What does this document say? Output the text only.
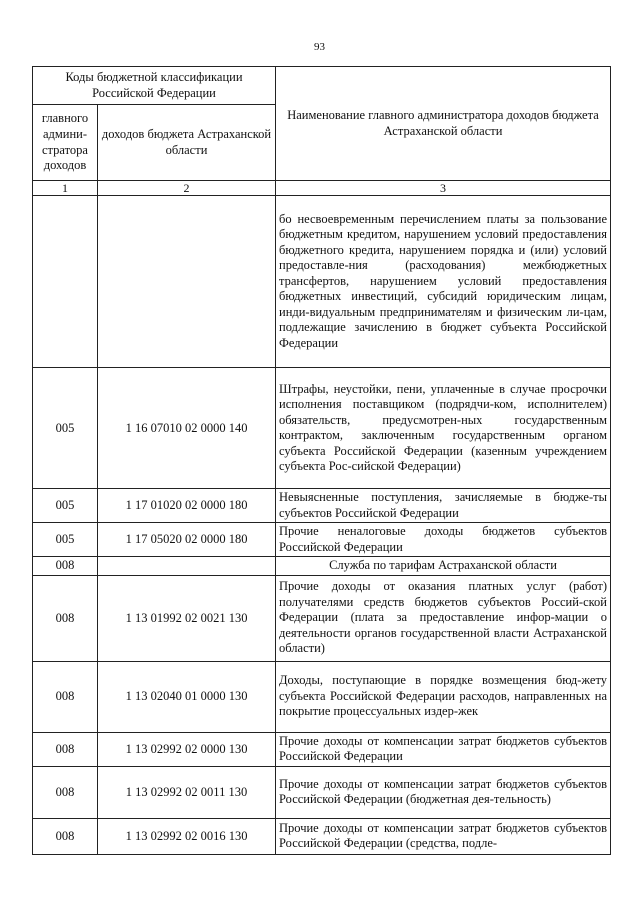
93
Коды бюджетной классификации Российской Федерации		Наименование главного администратора доходов бюджета Астраханской области
главного админи-стратора доходов	доходов бюджета Астраханской области	
1	2	3
		бо несвоевременным перечислением платы за пользование бюджетным кредитом, нарушением условий предоставления бюджетного кредита, нарушением порядка и (или) условий предоставле-ния (расходования) межбюджетных трансфертов, нарушением условий предоставления бюджетных инвестиций, субсидий юридическим лицам, инди-видуальным предпринимателям и физическим ли-цам, подлежащие зачислению в бюджет субъекта Российской Федерации
005	1 16 07010 02 0000 140	Штрафы, неустойки, пени, уплаченные в случае просрочки исполнения поставщиком (подрядчи-ком, исполнителем) обязательств, предусмотрен-ных государственным контрактом, заключенным государственным органом субъекта Российской Федерации (казенным учреждением субъекта Рос-сийской Федерации)
005	1 17 01020 02 0000 180	Невыясненные поступления, зачисляемые в бюдже-ты субъектов Российской Федерации
005	1 17 05020 02 0000 180	Прочие неналоговые доходы бюджетов субъектов Российской Федерации
008		Служба по тарифам Астраханской области
008	1 13 01992 02 0021 130	Прочие доходы от оказания платных услуг (работ) получателями средств бюджетов субъектов Россий-ской Федерации (плата за предоставление инфор-мации о деятельности органов государственной власти Астраханской области)
008	1 13 02040 01 0000 130	Доходы, поступающие в порядке возмещения бюд-жету субъекта Российской Федерации расходов, направленных на покрытие процессуальных издер-жек
008	1 13 02992 02 0000 130	Прочие доходы от компенсации затрат бюджетов субъектов Российской Федерации
008	1 13 02992 02 0011 130	Прочие доходы от компенсации затрат бюджетов субъектов Российской Федерации (бюджетная дея-тельность)
008	1 13 02992 02 0016 130	Прочие доходы от компенсации затрат бюджетов субъектов Российской Федерации (средства, подле-
